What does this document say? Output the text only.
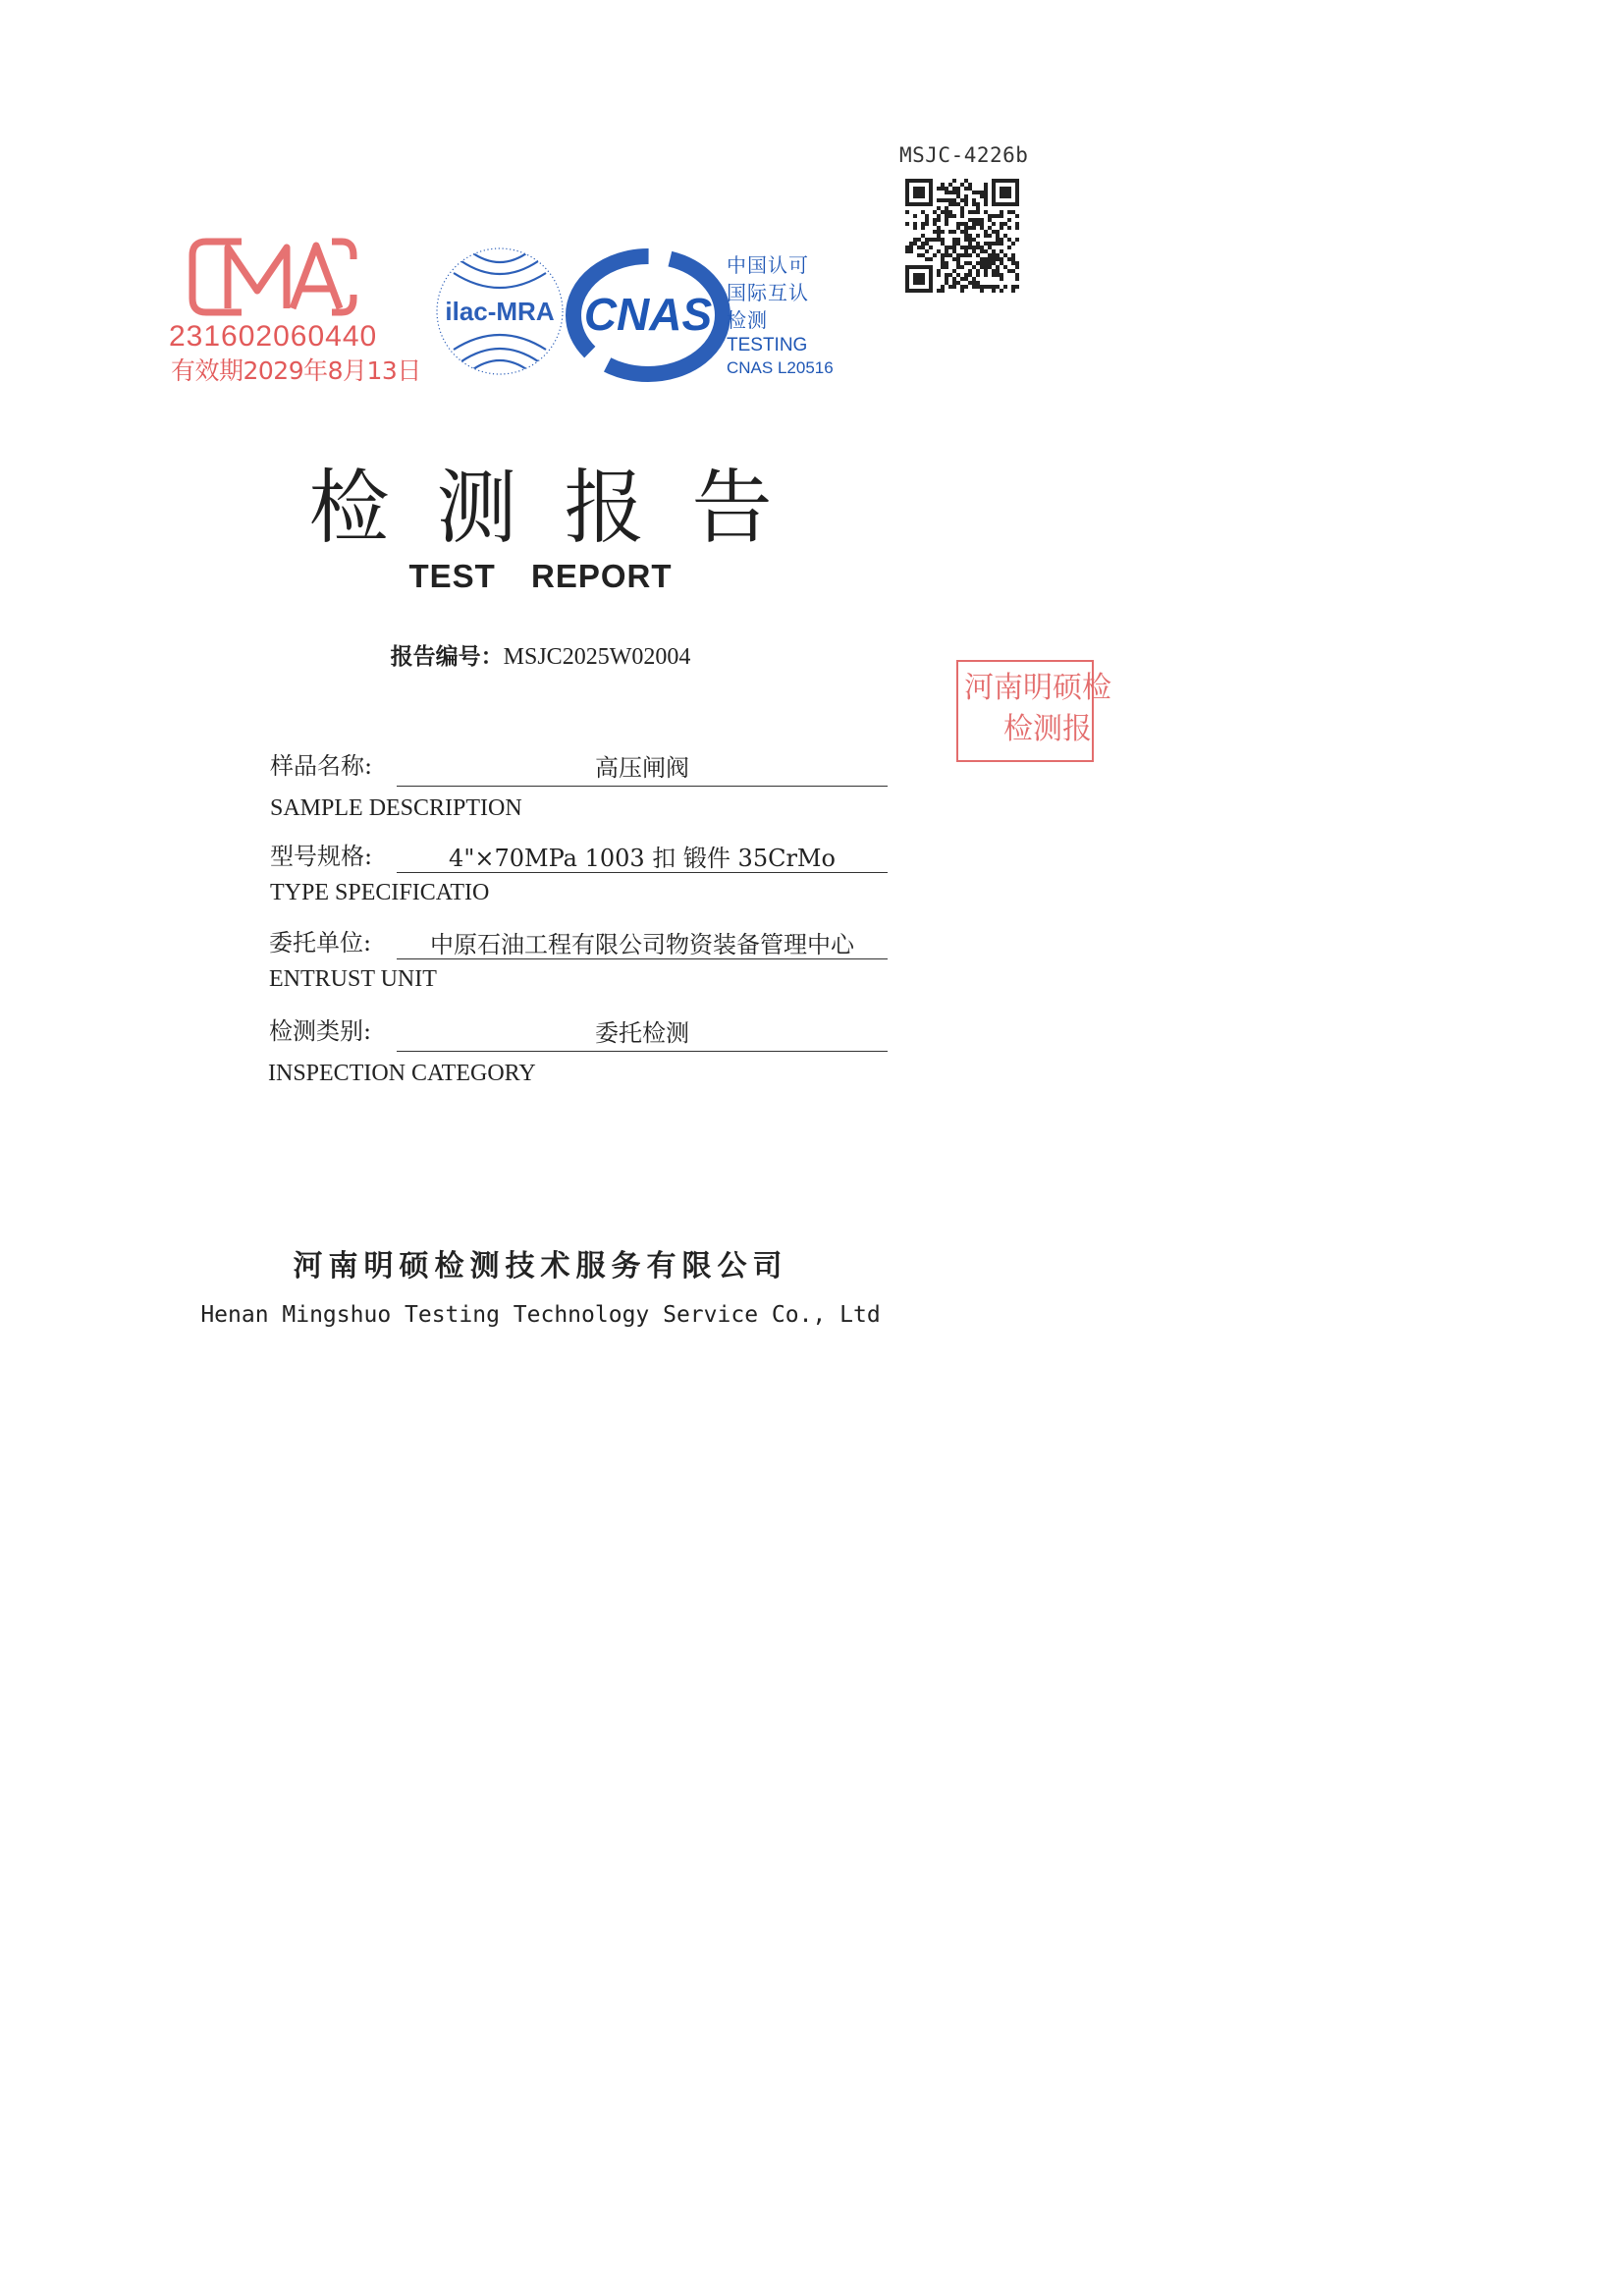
MSJC-4226b
231602060440
有效期2029年8月13日
ilac-MRA CNAS
中国认可
国际互认
检测
TESTING
CNAS L20516
检测报告
TEST REPORT
报告编号：MSJC2025W02004
河南明硕检
检测报
样品名称:	高压闸阀
SAMPLE DESCRIPTION
型号规格:	4"×70MPa 1003 扣 锻件 35CrMo
TYPE SPECIFICATIO
委托单位:	中原石油工程有限公司物资装备管理中心
ENTRUST UNIT
检测类别:	委托检测
INSPECTION CATEGORY
河南明硕检测技术服务有限公司
Henan Mingshuo Testing Technology Service Co., Ltd
